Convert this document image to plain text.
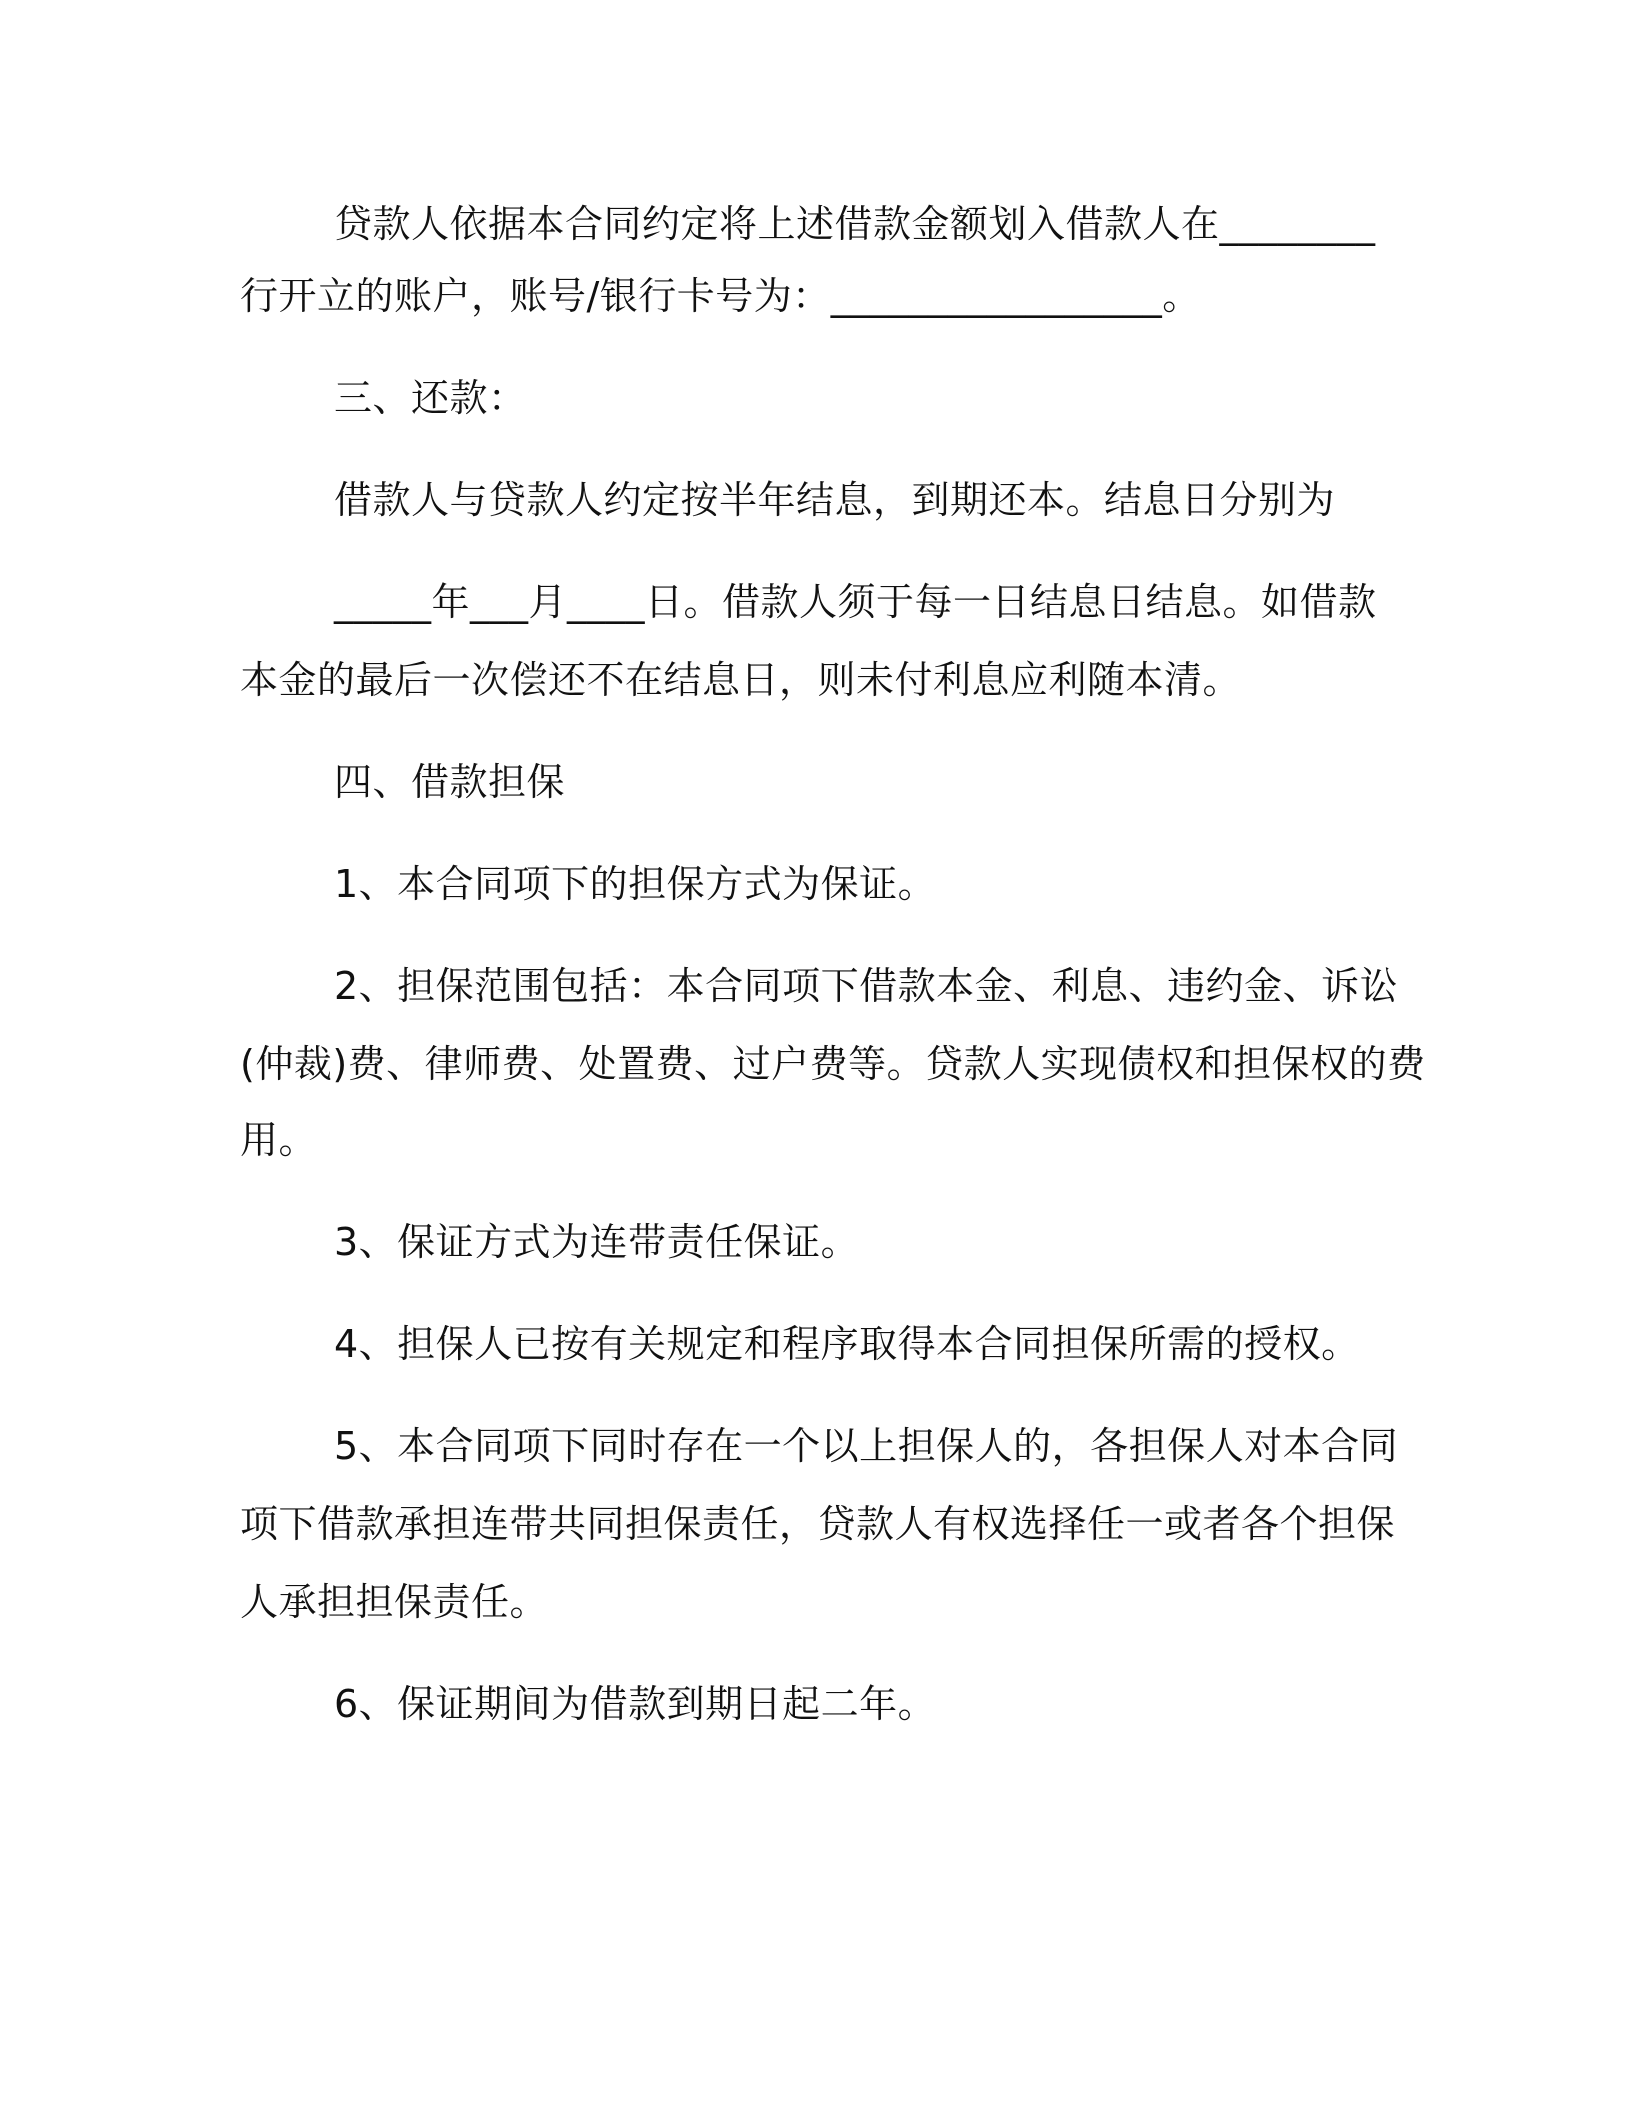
贷款人依据本合同约定将上述借款金额划入借款人在________
行开立的账户，账号/银行卡号为：_________________。
三、还款：
借款人与贷款人约定按半年结息，到期还本。结息日分别为
_____年___月____日。借款人须于每一日结息日结息。如借款
本金的最后一次偿还不在结息日，则未付利息应利随本清。
四、借款担保
1、本合同项下的担保方式为保证。
2、担保范围包括：本合同项下借款本金、利息、违约金、诉讼
(仲裁)费、律师费、处置费、过户费等。贷款人实现债权和担保权的费
用。
3、保证方式为连带责任保证。
4、担保人已按有关规定和程序取得本合同担保所需的授权。
5、本合同项下同时存在一个以上担保人的，各担保人对本合同
项下借款承担连带共同担保责任，贷款人有权选择任一或者各个担保
人承担担保责任。
6、保证期间为借款到期日起二年。
